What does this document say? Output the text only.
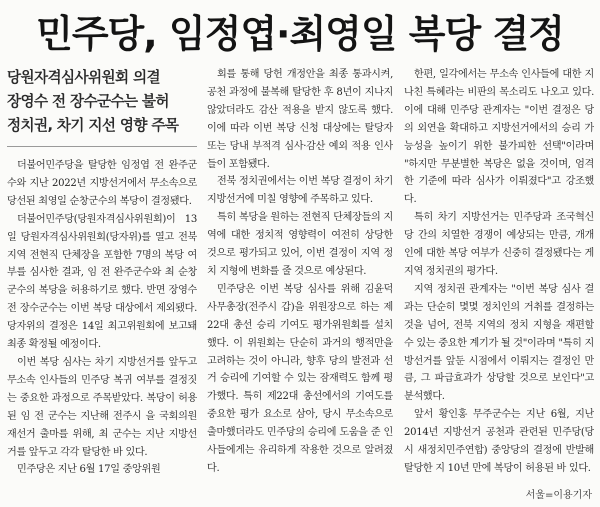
민주당, 임정엽·최영일 복당 결정
당원자격심사위원회 의결
장영수 전 장수군수는 불허
정치권, 차기 지선 영향 주목

더불어민주당을 탈당한 임정엽 전 완주군수와 지난 2022년 지방선거에서 무소속으로 당선된 최영일 순창군수의 복당이 결정됐다.

더불어민주당(당원자격심사위원회)이 13일 당원자격심사위원회(당자위)를 열고 전북 지역 전현직 단체장을 포함한 7명의 복당 여부를 심사한 결과, 임 전 완주군수와 최 순창군수의 복당을 허용하기로 했다. 반면 장영수 전 장수군수는 이번 복당 대상에서 제외됐다. 당자위의 결정은 14일 최고위원회에 보고돼 최종 확정될 예정이다.

이번 복당 심사는 차기 지방선거를 앞두고 무소속 인사들의 민주당 복귀 여부를 결정짓는 중요한 과정으로 주목받았다. 복당이 허용된 임 전 군수는 지난해 전주시 을 국회의원 재선거 출마를 위해, 최 군수는 지난 지방선거를 앞두고 각각 탈당한 바 있다.

민주당은 지난 6월 17일 중앙위원

회를 통해 당헌 개정안을 최종 통과시켜, 공천 과정에 불복해 탈당한 후 8년이 지나지 않았더라도 감산 적용을 받지 않도록 했다. 이에 따라 이번 복당 신청 대상에는 탈당자 또는 당내 부적격 심사·감산 예외 적용 인사들이 포함됐다.

전북 정치권에서는 이번 복당 결정이 차기 지방선거에 미칠 영향에 주목하고 있다.

특히 복당을 원하는 전현직 단체장들의 지역에 대한 정치적 영향력이 여전히 상당한 것으로 평가되고 있어, 이번 결정이 지역 정치 지형에 변화를 줄 것으로 예상된다.

민주당은 이번 복당 심사를 위해 김윤덕 사무총장(전주시 갑)을 위원장으로 하는 제22대 총선 승리 기여도 평가위원회를 설치했다. 이 위원회는 단순히 과거의 행적만을 고려하는 것이 아니라, 향후 당의 발전과 선거 승리에 기여할 수 있는 잠재력도 함께 평가했다. 특히 제22대 총선에서의 기여도를 중요한 평가 요소로 삼아, 당시 무소속으로 출마했더라도 민주당의 승리에 도움을 준 인사들에게는 유리하게 작용한 것으로 알려졌다.

한편, 일각에서는 무소속 인사들에 대한 지나친 특혜라는 비판의 목소리도 나오고 있다. 이에 대해 민주당 관계자는 "이번 결정은 당의 외연을 확대하고 지방선거에서의 승리 가능성을 높이기 위한 불가피한 선택"이라며 "하지만 무분별한 복당은 없을 것이며, 엄격한 기준에 따라 심사가 이뤄졌다"고 강조했다.

특히 차기 지방선거는 민주당과 조국혁신당 간의 치열한 경쟁이 예상되는 만큼, 개개인에 대한 복당 여부가 신중히 결정됐다는 게 지역 정치권의 평가다.

지역 정치권 관계자는 "이번 복당 심사 결과는 단순히 몇몇 정치인의 거취를 결정하는 것을 넘어, 전북 지역의 정치 지형을 재편할 수 있는 중요한 계기가 될 것"이라며 "특히 지방선거를 앞둔 시점에서 이뤄지는 결정인 만큼, 그 파급효과가 상당할 것으로 보인다"고 분석했다.

앞서 황인홍 무주군수는 지난 6월, 지난 2014년 지방선거 공천과 관련된 민주당(당시 새정치민주연합) 중앙당의 결정에 반발해 탈당한 지 10년 만에 복당이 허용된 바 있다.

서울=이용기자
